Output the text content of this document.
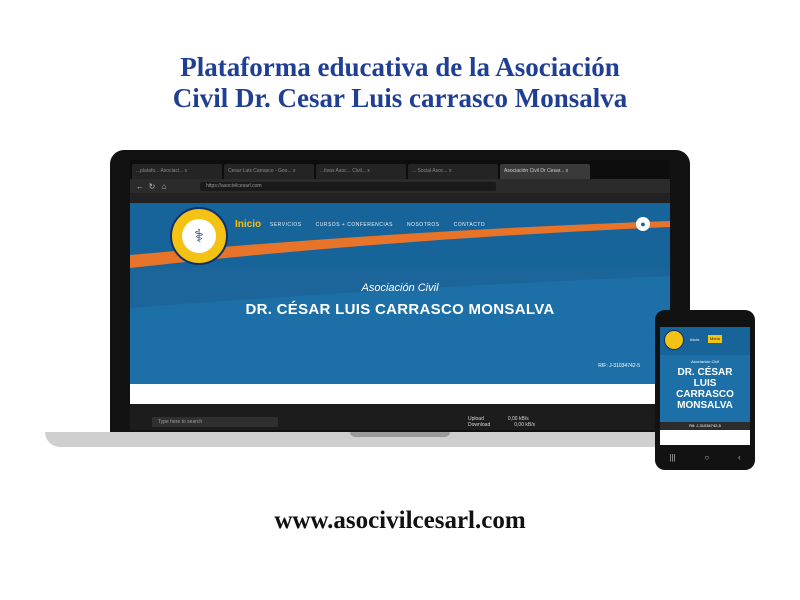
Plataforma educativa de la Asociación
Civil Dr. Cesar Luis carrasco Monsalva
...platafo... Asociaci... x	Cesar Luis Carrasco - Goo... x	...tivas Asoc... Civil... x	... Social Asoc... x	Asociación Civil Dr Cesar... x
← ↻ ⌂	https://asocivilcesarl.com
⚕
Inicio SERVICIOS	CURSOS + CONFERENCIAS	NOSOTROS	CONTACTO	●
Asociación Civil
DR. CÉSAR LUIS CARRASCO MONSALVA
RIF: J-31034742-5
Type here to search	Upload	0,00 kB/s
Download	0,00 kB/s
Inicio	Menú
Asociación Civil
DR. CÉSAR LUIS CARRASCO MONSALVA
Rif: J-31034742-5
|||	○	‹
www.asocivilcesarl.com
